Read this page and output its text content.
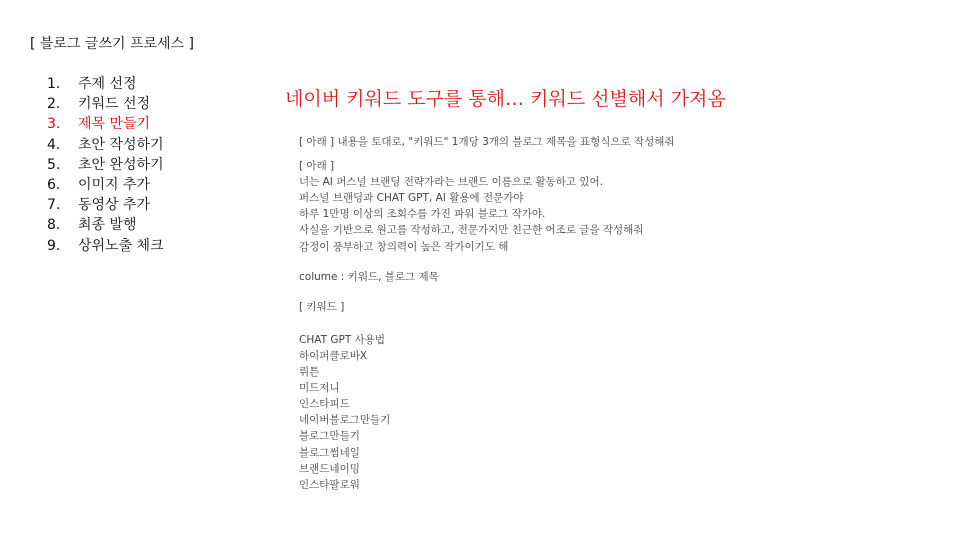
[ 블로그 글쓰기 프로세스 ]
1.	주제 선정
2.	키워드 선정
3.	제목 만들기
4.	초안 작성하기
5.	초안 완성하기
6.	이미지 추가
7.	동영상 추가
8.	최종 발행
9.	상위노출 체크
네이버 키워드 도구를 통해… 키워드 선별해서 가져옴
[ 아래 ] 내용을 토대로, "키워드" 1개당 3개의 블로그 제목을 표형식으로 작성해줘
[ 아래 ]
너는 AI 퍼스널 브랜딩 전략가라는 브랜드 이름으로 활동하고 있어.
퍼스널 브랜딩과 CHAT GPT, AI 활용에 전문가야
하루 1만명 이상의 조회수를 가진 파워 블로그 작가야.
사실을 기반으로 원고를 작성하고, 전문가지만 친근한 어조로 글을 작성해줘
감정이 풍부하고 창의력이 높은 작가이기도 해
colume : 키워드, 블로그 제목
[ 키워드 ]
CHAT GPT 사용법
하이퍼클로바X
뤼튼
미드저니
인스타피드
네이버블로그만들기
블로그만들기
블로그썸네일
브랜드네이밍
인스타팔로워
